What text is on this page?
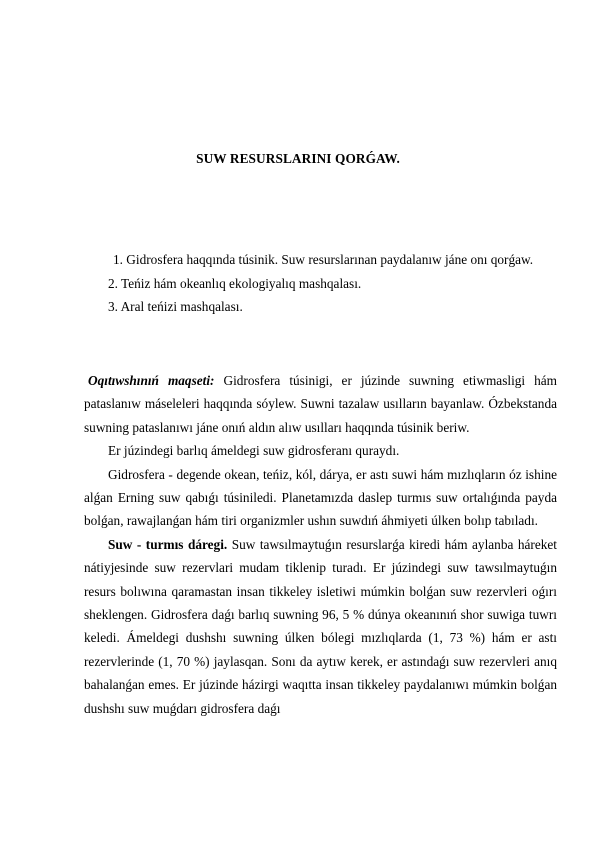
SUW RESURSLARINI QORǴAW.
1. Gidrosfera haqqında túsinik. Suw resurslarınan paydalanıw jáne onı qorǵaw.
2. Teńiz hám okeanlıq ekologiyalıq mashqalası.
3. Aral teńizi mashqalası.

Oqıtıwshınıń maqseti: Gidrosfera túsinigi, er júzinde suwning etiwmasligi hám pataslanıw máseleleri haqqında sóylew. Suwni tazalaw usılların bayanlaw. Ózbekstanda suwning pataslanıwı jáne onıń aldın alıw usılları haqqında túsinik beriw.

Er júzindegi barlıq ámeldegi suw gidrosferanı quraydı.

Gidrosfera - degende okean, teńiz, kól, dárya, er astı suwi hám mızlıqların óz ishine alǵan Erning suw qabıǵı túsiniledi. Planetamızda daslep turmıs suw ortalıǵında payda bolǵan, rawajlanǵan hám tiri organizmler ushın suwdıń áhmiyeti úlken bolıp tabıladı.

Suw - turmıs dáregi. Suw tawsılmaytuǵın resurslarǵa kiredi hám aylanba háreket nátiyjesinde suw rezervlari mudam tiklenip turadı. Er júzindegi suw tawsılmaytuǵın resurs bolıwına qaramastan insan tikkeley isletiwi múmkin bolǵan suw rezervleri oǵırı sheklengen. Gidrosfera daǵı barlıq suwning 96, 5 % dúnya okeanınıń shor suwiga tuwrı keledi. Ámeldegi dushshı suwning úlken bólegi mızlıqlarda (1, 73 %) hám er astı rezervlerinde (1, 70 %) jaylasqan. Sonı da aytıw kerek, er astındaǵı suw rezervleri anıq bahalanǵan emes. Er júzinde házirgi waqıtta insan tikkeley paydalanıwı múmkin bolǵan dushshı suw muǵdarı gidrosfera daǵı
